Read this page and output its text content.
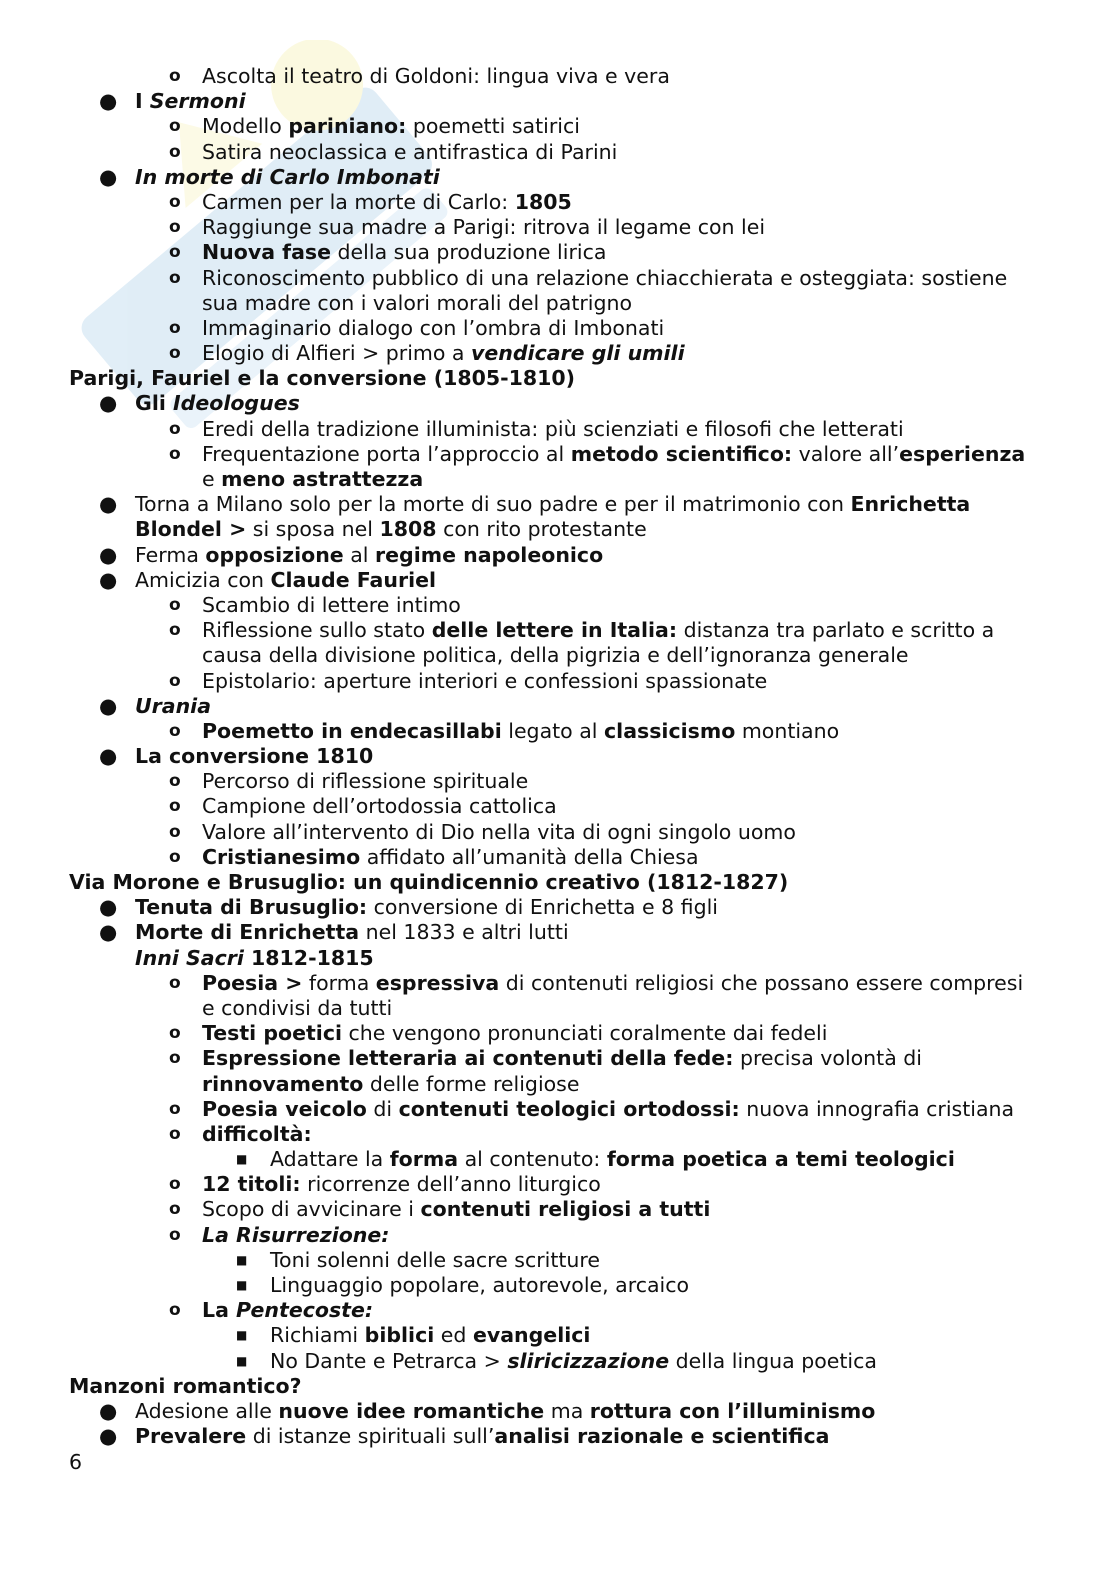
o Ascolta il teatro di Goldoni: lingua viva e vera
● I Sermoni
o Modello pariniano: poemetti satirici
o Satira neoclassica e antifrastica di Parini
● In morte di Carlo Imbonati
o Carmen per la morte di Carlo: 1805
o Raggiunge sua madre a Parigi: ritrova il legame con lei
o Nuova fase della sua produzione lirica
o Riconoscimento pubblico di una relazione chiacchierata e osteggiata: sostiene
sua madre con i valori morali del patrigno
o Immaginario dialogo con l’ombra di Imbonati
o Elogio di Alfieri > primo a vendicare gli umili
Parigi, Fauriel e la conversione (1805-1810)
● Gli Ideologues
o Eredi della tradizione illuminista: più scienziati e filosofi che letterati
o Frequentazione porta l’approccio al metodo scientifico: valore all’esperienza
e meno astrattezza
● Torna a Milano solo per la morte di suo padre e per il matrimonio con Enrichetta
Blondel > si sposa nel 1808 con rito protestante
● Ferma opposizione al regime napoleonico
● Amicizia con Claude Fauriel
o Scambio di lettere intimo
o Riflessione sullo stato delle lettere in Italia: distanza tra parlato e scritto a
causa della divisione politica, della pigrizia e dell’ignoranza generale
o Epistolario: aperture interiori e confessioni spassionate
● Urania
o Poemetto in endecasillabi legato al classicismo montiano
● La conversione 1810
o Percorso di riflessione spirituale
o Campione dell’ortodossia cattolica
o Valore all’intervento di Dio nella vita di ogni singolo uomo
o Cristianesimo affidato all’umanità della Chiesa
Via Morone e Brusuglio: un quindicennio creativo (1812-1827)
● Tenuta di Brusuglio: conversione di Enrichetta e 8 figli
● Morte di Enrichetta nel 1833 e altri lutti
Inni Sacri 1812-1815
o Poesia > forma espressiva di contenuti religiosi che possano essere compresi
e condivisi da tutti
o Testi poetici che vengono pronunciati coralmente dai fedeli
o Espressione letteraria ai contenuti della fede: precisa volontà di
rinnovamento delle forme religiose
o Poesia veicolo di contenuti teologici ortodossi: nuova innografia cristiana
o difficoltà:
■ Adattare la forma al contenuto: forma poetica a temi teologici
o 12 titoli: ricorrenze dell’anno liturgico
o Scopo di avvicinare i contenuti religiosi a tutti
o La Risurrezione:
■ Toni solenni delle sacre scritture
■ Linguaggio popolare, autorevole, arcaico
o La Pentecoste:
■ Richiami biblici ed evangelici
■ No Dante e Petrarca > sliricizzazione della lingua poetica
Manzoni romantico?
● Adesione alle nuove idee romantiche ma rottura con l’illuminismo
● Prevalere di istanze spirituali sull’analisi razionale e scientifica
6
